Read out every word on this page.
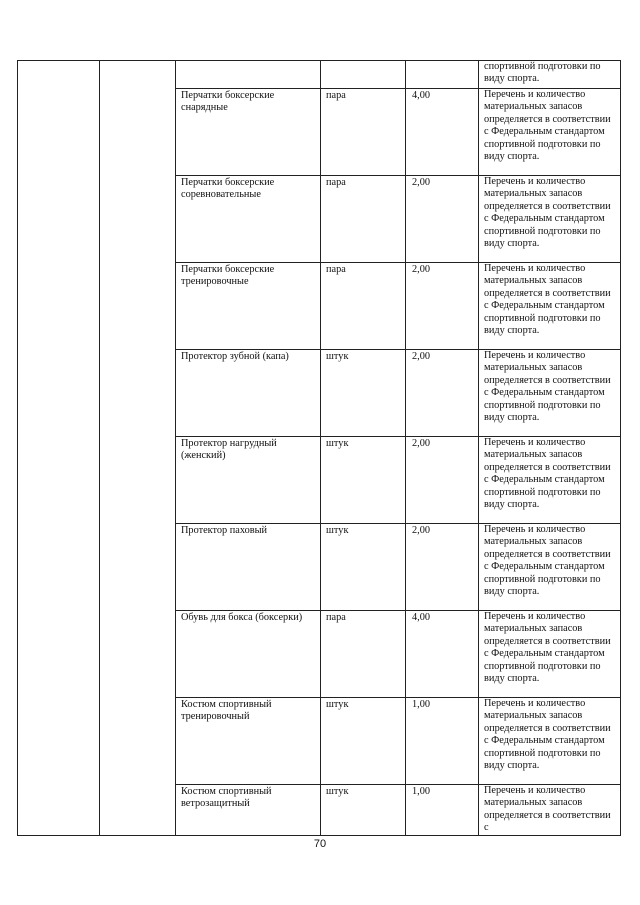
					спортивной подготовки по виду спорта.
		Перчатки боксерские снарядные	пара	4,00	Перечень и количество материальных запасов определяется в соответствии с Федеральным стандартом спортивной подготовки по виду спорта.
		Перчатки боксерские соревновательные	пара	2,00	Перечень и количество материальных запасов определяется в соответствии с Федеральным стандартом спортивной подготовки по виду спорта.
		Перчатки боксерские тренировочные	пара	2,00	Перечень и количество материальных запасов определяется в соответствии с Федеральным стандартом спортивной подготовки по виду спорта.
		Протектор зубной (капа)	штук	2,00	Перечень и количество материальных запасов определяется в соответствии с Федеральным стандартом спортивной подготовки по виду спорта.
		Протектор нагрудный (женский)	штук	2,00	Перечень и количество материальных запасов определяется в соответствии с Федеральным стандартом спортивной подготовки по виду спорта.
		Протектор паховый	штук	2,00	Перечень и количество материальных запасов определяется в соответствии с Федеральным стандартом спортивной подготовки по виду спорта.
		Обувь для бокса (боксерки)	пара	4,00	Перечень и количество материальных запасов определяется в соответствии с Федеральным стандартом спортивной подготовки по виду спорта.
		Костюм спортивный тренировочный	штук	1,00	Перечень и количество материальных запасов определяется в соответствии с Федеральным стандартом спортивной подготовки по виду спорта.
		Костюм спортивный ветрозащитный	штук	1,00	Перечень и количество материальных запасов определяется в соответствии с
70
